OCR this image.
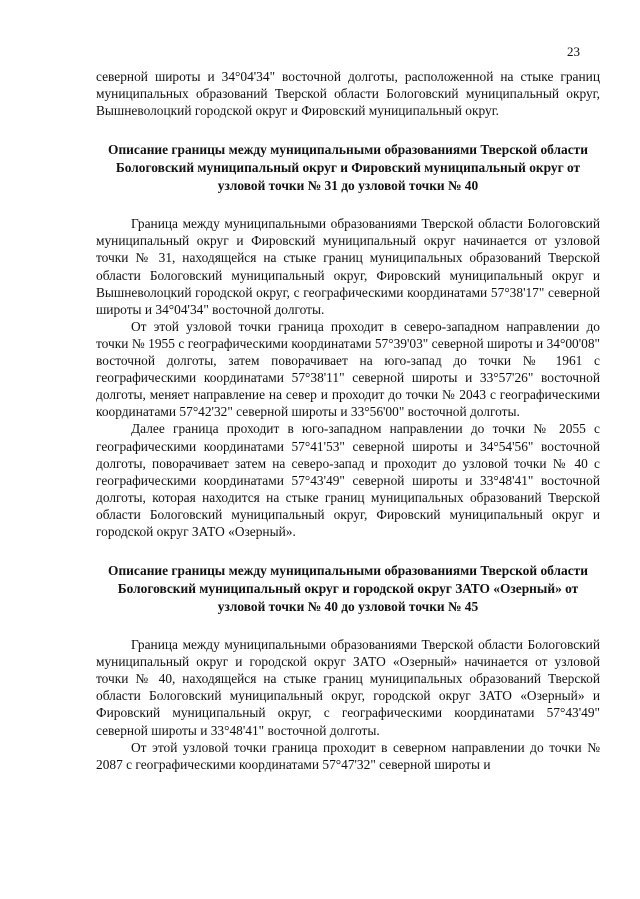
23

северной широты и 34°04'34" восточной долготы, расположенной на стыке границ муниципальных образований Тверской области Бологовский муниципальный округ, Вышневолоцкий городской округ и Фировский муниципальный округ.

Описание границы между муниципальными образованиями Тверской области Бологовский муниципальный округ и Фировский муниципальный округ от узловой точки № 31 до узловой точки № 40

Граница между муниципальными образованиями Тверской области Бологовский муниципальный округ и Фировский муниципальный округ начинается от узловой точки № 31, находящейся на стыке границ муниципальных образований Тверской области Бологовский муниципальный округ, Фировский муниципальный округ и Вышневолоцкий городской округ, с географическими координатами 57°38'17" северной широты и 34°04'34" восточной долготы.

От этой узловой точки граница проходит в северо-западном направлении до точки № 1955 с географическими координатами 57°39'03" северной широты и 34°00'08" восточной долготы, затем поворачивает на юго-запад до точки № 1961 с географическими координатами 57°38'11" северной широты и 33°57'26" восточной долготы, меняет направление на север и проходит до точки № 2043 с географическими координатами 57°42'32" северной широты и 33°56'00" восточной долготы.

Далее граница проходит в юго-западном направлении до точки № 2055 с географическими координатами 57°41'53" северной широты и 34°54'56" восточной долготы, поворачивает затем на северо-запад и проходит до узловой точки № 40 с географическими координатами 57°43'49" северной широты и 33°48'41" восточной долготы, которая находится на стыке границ муниципальных образований Тверской области Бологовский муниципальный округ, Фировский муниципальный округ и городской округ ЗАТО «Озерный».

Описание границы между муниципальными образованиями Тверской области Бологовский муниципальный округ и городской округ ЗАТО «Озерный» от узловой точки № 40 до узловой точки № 45

Граница между муниципальными образованиями Тверской области Бологовский муниципальный округ и городской округ ЗАТО «Озерный» начинается от узловой точки № 40, находящейся на стыке границ муниципальных образований Тверской области Бологовский муниципальный округ, городской округ ЗАТО «Озерный» и Фировский муниципальный округ, с географическими координатами 57°43'49" северной широты и 33°48'41" восточной долготы.

От этой узловой точки граница проходит в северном направлении до точки № 2087 с географическими координатами 57°47'32" северной широты и
